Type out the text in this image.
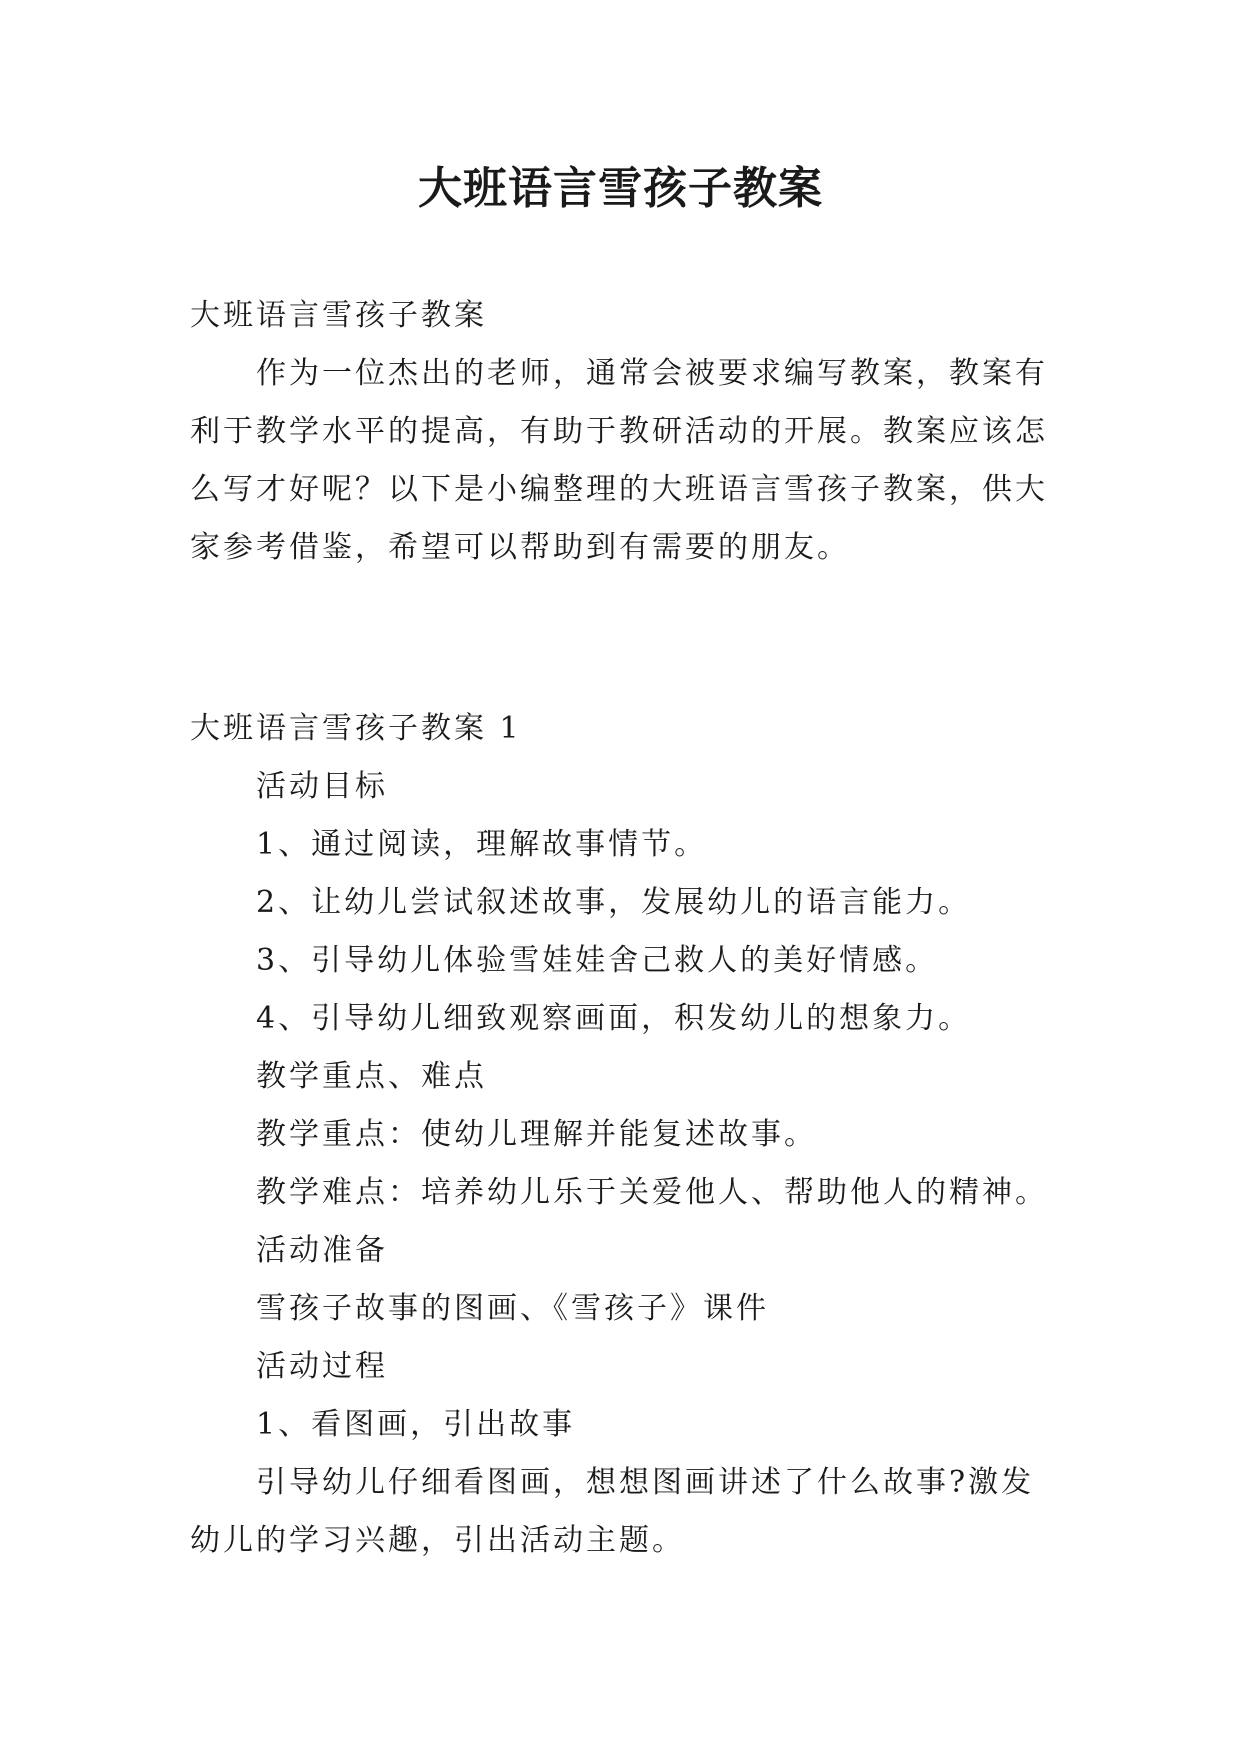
大班语言雪孩子教案
大班语言雪孩子教案
作为一位杰出的老师，通常会被要求编写教案，教案有
利于教学水平的提高，有助于教研活动的开展。教案应该怎
么写才好呢？以下是小编整理的大班语言雪孩子教案，供大
家参考借鉴，希望可以帮助到有需要的朋友。
大班语言雪孩子教案 1
活动目标
1、通过阅读，理解故事情节。
2、让幼儿尝试叙述故事，发展幼儿的语言能力。
3、引导幼儿体验雪娃娃舍己救人的美好情感。
4、引导幼儿细致观察画面，积发幼儿的想象力。
教学重点、难点
教学重点：使幼儿理解并能复述故事。
教学难点：培养幼儿乐于关爱他人、帮助他人的精神。
活动准备
雪孩子故事的图画、《雪孩子》课件
活动过程
1、看图画，引出故事
引导幼儿仔细看图画，想想图画讲述了什么故事?激发
幼儿的学习兴趣，引出活动主题。
